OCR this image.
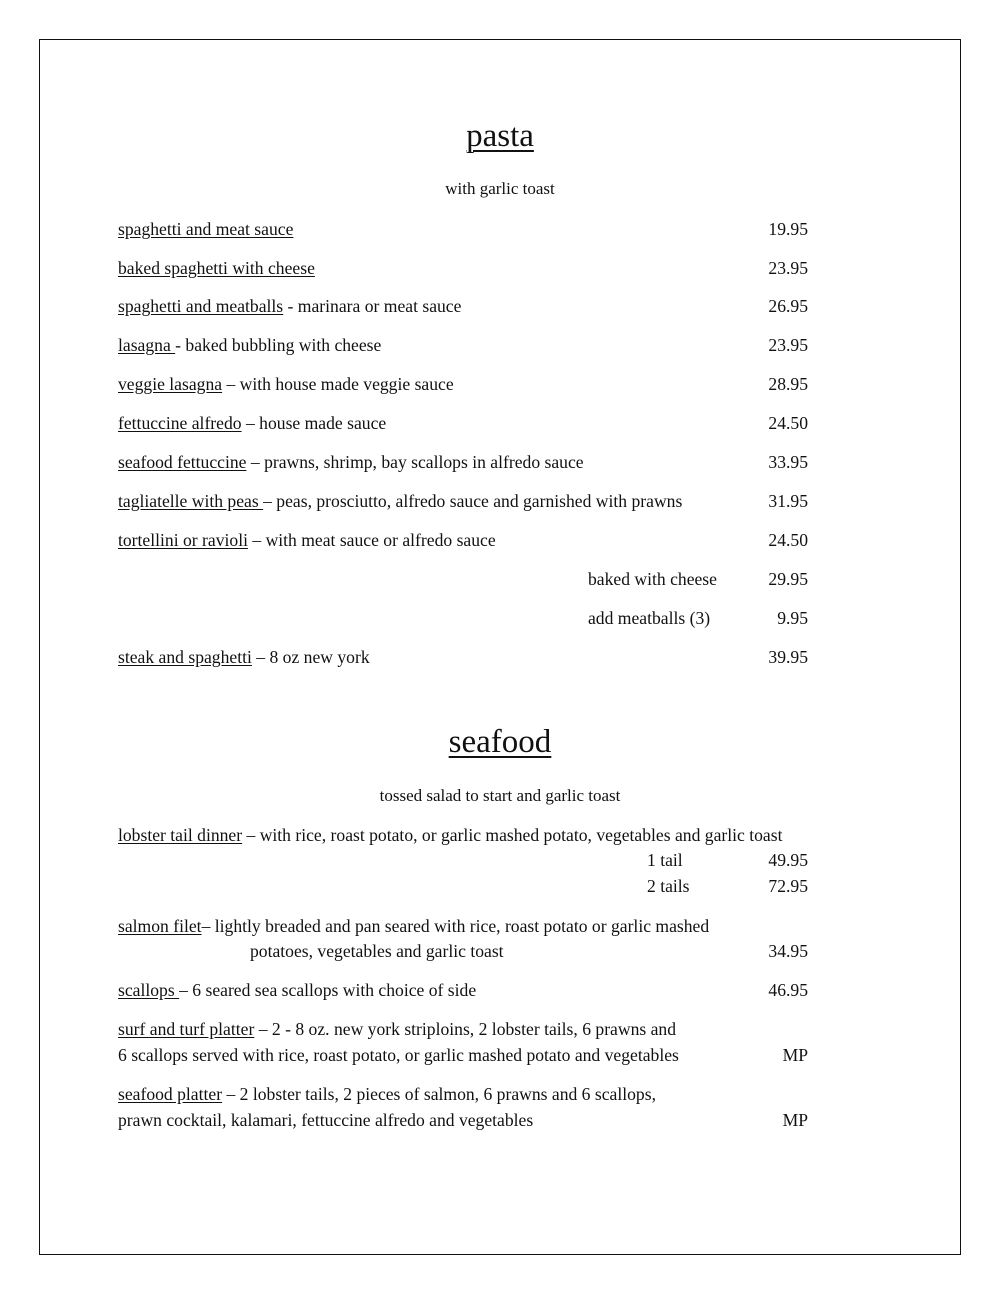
pasta
with garlic toast
spaghetti and meat sauce	19.95
baked spaghetti with cheese	23.95
spaghetti and meatballs - marinara or meat sauce	26.95
lasagna - baked bubbling with cheese	23.95
veggie lasagna – with house made veggie sauce	28.95
fettuccine alfredo – house made sauce	24.50
seafood fettuccine – prawns, shrimp, bay scallops in alfredo sauce	33.95
tagliatelle with peas – peas, prosciutto, alfredo sauce and garnished with prawns	31.95
tortellini or ravioli – with meat sauce or alfredo sauce	24.50
baked with cheese	29.95
add meatballs (3)	9.95
steak and spaghetti – 8 oz new york	39.95
seafood
tossed salad to start and garlic toast
lobster tail dinner – with rice, roast potato, or garlic mashed potato, vegetables and garlic toast
1 tail	49.95
2 tails	72.95
salmon filet– lightly breaded and pan seared with rice, roast potato or garlic mashed
potatoes, vegetables and garlic toast	34.95
scallops – 6 seared sea scallops with choice of side	46.95
surf and turf platter – 2 - 8 oz. new york striploins, 2 lobster tails, 6 prawns and
6 scallops served with rice, roast potato, or garlic mashed potato and vegetables	MP
seafood platter – 2 lobster tails, 2 pieces of salmon, 6 prawns and 6 scallops,
prawn cocktail, kalamari, fettuccine alfredo and vegetables	MP
